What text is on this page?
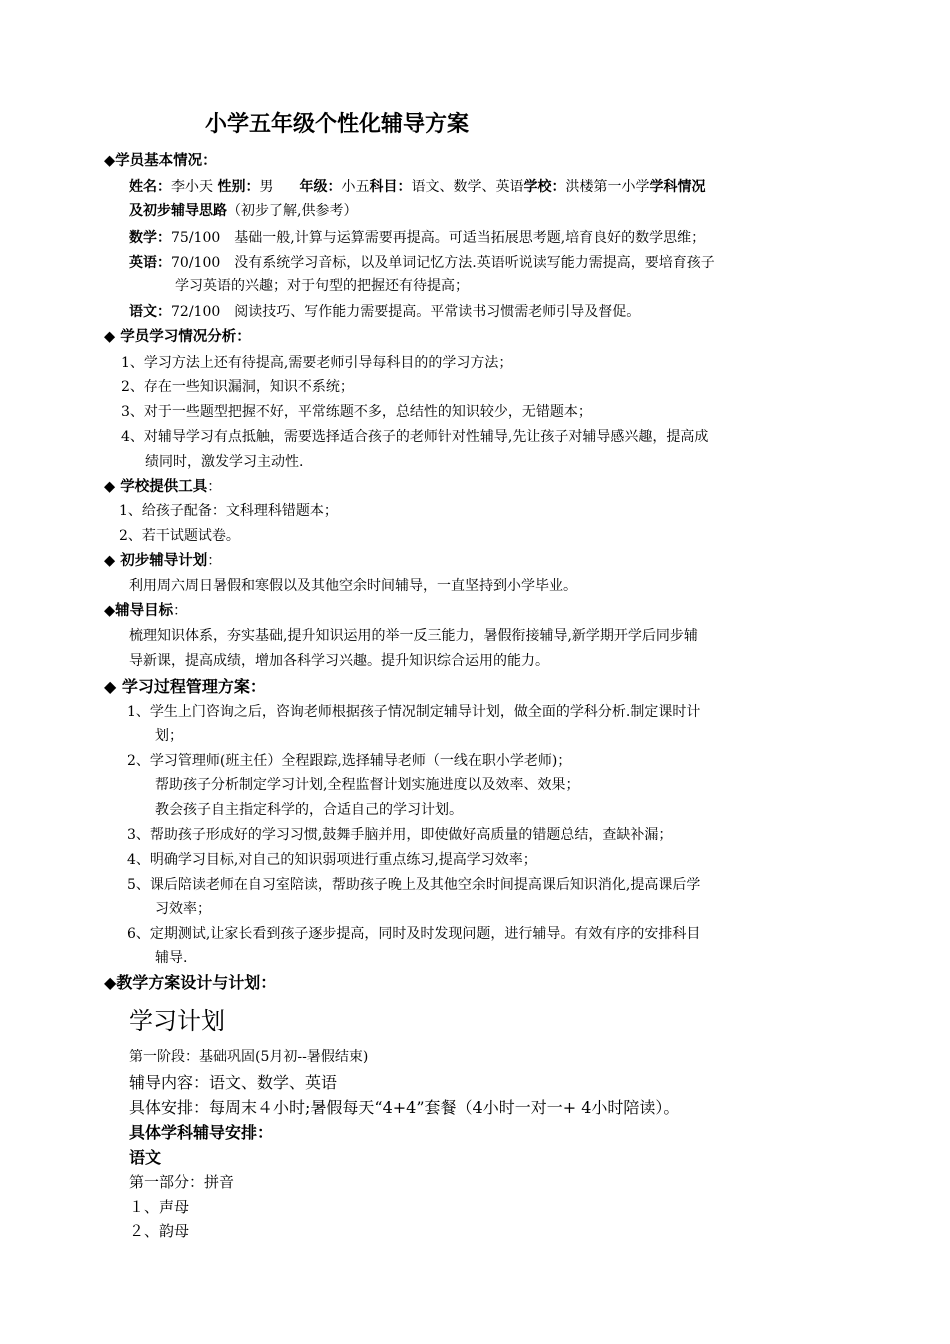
小学五年级个性化辅导方案
◆学员基本情况：
姓名：李小天 性别：男 年级：小五科目：语文、数学、英语学校：洪楼第一小学学科情况
及初步辅导思路（初步了解,供参考）
数学：75/100　基础一般,计算与运算需要再提高。可适当拓展思考题,培育良好的数学思维；
英语：70/100　没有系统学习音标，以及单词记忆方法.英语听说读写能力需提高，要培育孩子
学习英语的兴趣；对于句型的把握还有待提高；
语文：72/100　阅读技巧、写作能力需要提高。平常读书习惯需老师引导及督促。
◆ 学员学习情况分析：
1、学习方法上还有待提高,需要老师引导每科目的的学习方法；
2、存在一些知识漏洞，知识不系统；
3、对于一些题型把握不好，平常练题不多，总结性的知识较少，无错题本；
4、对辅导学习有点抵触，需要选择适合孩子的老师针对性辅导,先让孩子对辅导感兴趣，提高成
绩同时，激发学习主动性.
◆ 学校提供工具：
1、给孩子配备：文科理科错题本；
2、若干试题试卷。
◆ 初步辅导计划：
利用周六周日暑假和寒假以及其他空余时间辅导，一直坚持到小学毕业。
◆辅导目标：
梳理知识体系，夯实基础,提升知识运用的举一反三能力，暑假衔接辅导,新学期开学后同步辅
导新课，提高成绩，增加各科学习兴趣。提升知识综合运用的能力。
◆ 学习过程管理方案：
1、学生上门咨询之后，咨询老师根据孩子情况制定辅导计划，做全面的学科分析.制定课时计
划；
2、学习管理师(班主任）全程跟踪,选择辅导老师（一线在职小学老师)；
帮助孩子分析制定学习计划,全程监督计划实施进度以及效率、效果；
教会孩子自主指定科学的，合适自己的学习计划。
3、帮助孩子形成好的学习习惯,鼓舞手脑并用，即使做好高质量的错题总结，查缺补漏；
4、明确学习目标,对自己的知识弱项进行重点练习,提高学习效率；
5、课后陪读老师在自习室陪读，帮助孩子晚上及其他空余时间提高课后知识消化,提高课后学
习效率；
6、定期测试,让家长看到孩子逐步提高，同时及时发现问题，进行辅导。有效有序的安排科目
辅导.
◆教学方案设计与计划：
学习计划
第一阶段：基础巩固(5月初--暑假结束)
辅导内容：语文、数学、英语
具体安排：每周末４小时;暑假每天“4+4”套餐（4小时一对一+ 4小时陪读）。
具体学科辅导安排：
语文
第一部分：拼音
１、声母
２、韵母
